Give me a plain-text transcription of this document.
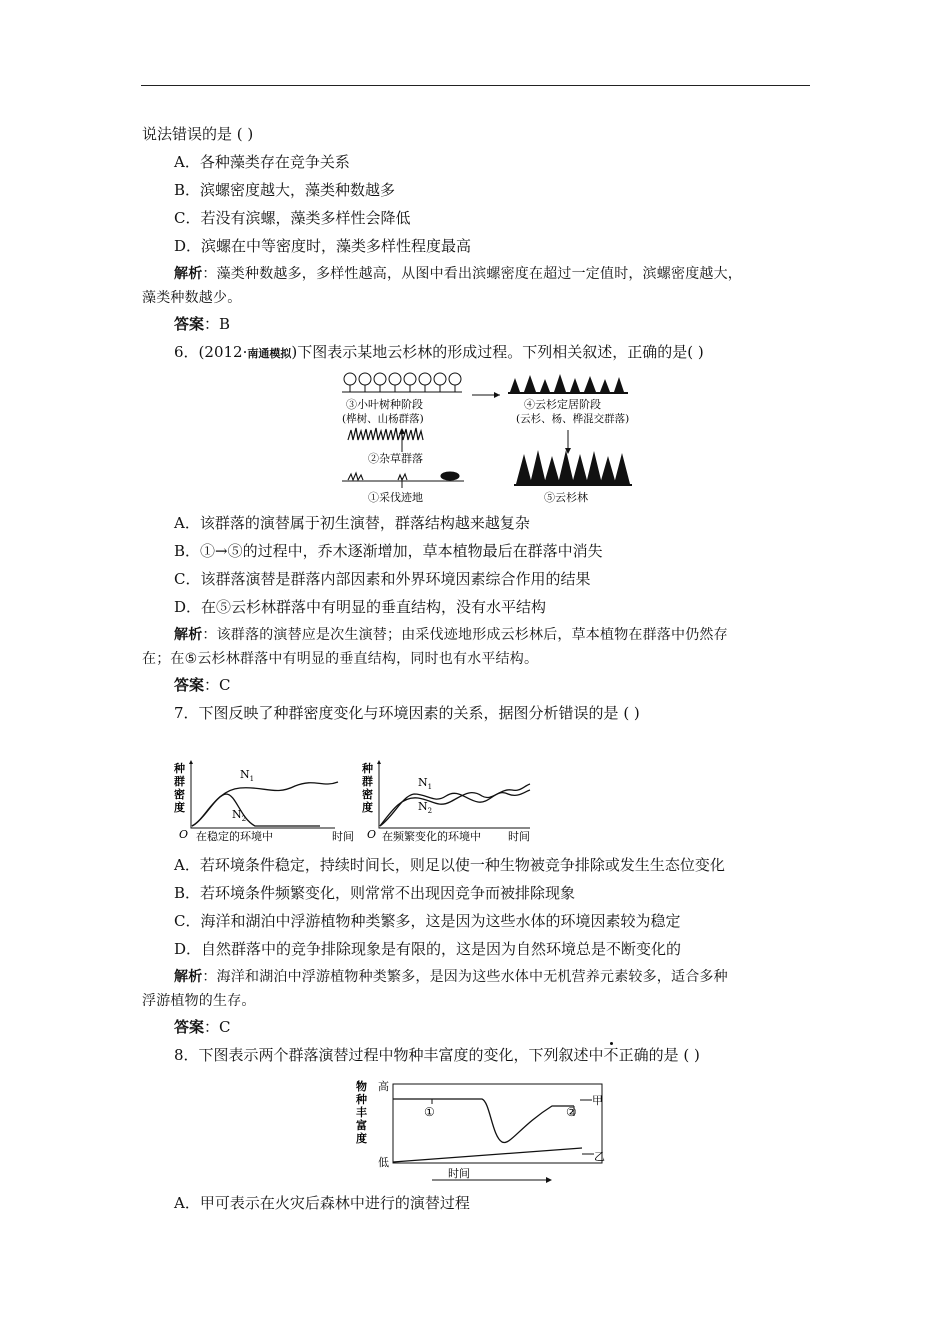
说法错误的是 ( )
A．各种藻类存在竞争关系
B．滨螺密度越大，藻类种数越多
C．若没有滨螺，藻类多样性会降低
D．滨螺在中等密度时，藻类多样性程度最高
解析：藻类种数越多，多样性越高，从图中看出滨螺密度在超过一定值时，滨螺密度越大，
藻类种数越少。
答案：B
6．(2012·南通模拟)下图表示某地云杉林的形成过程。下列相关叙述，正确的是( )
③小叶树种阶段
(桦树、山杨群落)
④云杉定居阶段
(云杉、杨、桦混交群落)
②杂草群落
①采伐迹地	⑤云杉林
A．该群落的演替属于初生演替，群落结构越来越复杂
B．①→⑤的过程中，乔木逐渐增加，草本植物最后在群落中消失
C．该群落演替是群落内部因素和外界环境因素综合作用的结果
D．在⑤云杉林群落中有明显的垂直结构，没有水平结构
解析：该群落的演替应是次生演替；由采伐迹地形成云杉林后，草本植物在群落中仍然存
在；在⑤云杉林群落中有明显的垂直结构，同时也有水平结构。
答案：C
7．下图反映了种群密度变化与环境因素的关系，据图分析错误的是 ( )
种
群
密
度
O
$N_1$
$N_2$
在稳定的环境中	时间
种
群
密
度
O
$N_1$
$N_2$
在频繁变化的环境中 时间
A．若环境条件稳定，持续时间长，则足以使一种生物被竞争排除或发生生态位变化
B．若环境条件频繁变化，则常常不出现因竞争而被排除现象
C．海洋和湖泊中浮游植物种类繁多，这是因为这些水体的环境因素较为稳定
D．自然群落中的竞争排除现象是有限的，这是因为自然环境总是不断变化的
解析：海洋和湖泊中浮游植物种类繁多，是因为这些水体中无机营养元素较多，适合多种
浮游植物的生存。
答案：C
8．下图表示两个群落演替过程中物种丰富度的变化，下列叙述中不正确的是 ( )
物
种
丰
富
度
高
低
①	②
甲
乙
时间
A．甲可表示在火灾后森林中进行的演替过程
